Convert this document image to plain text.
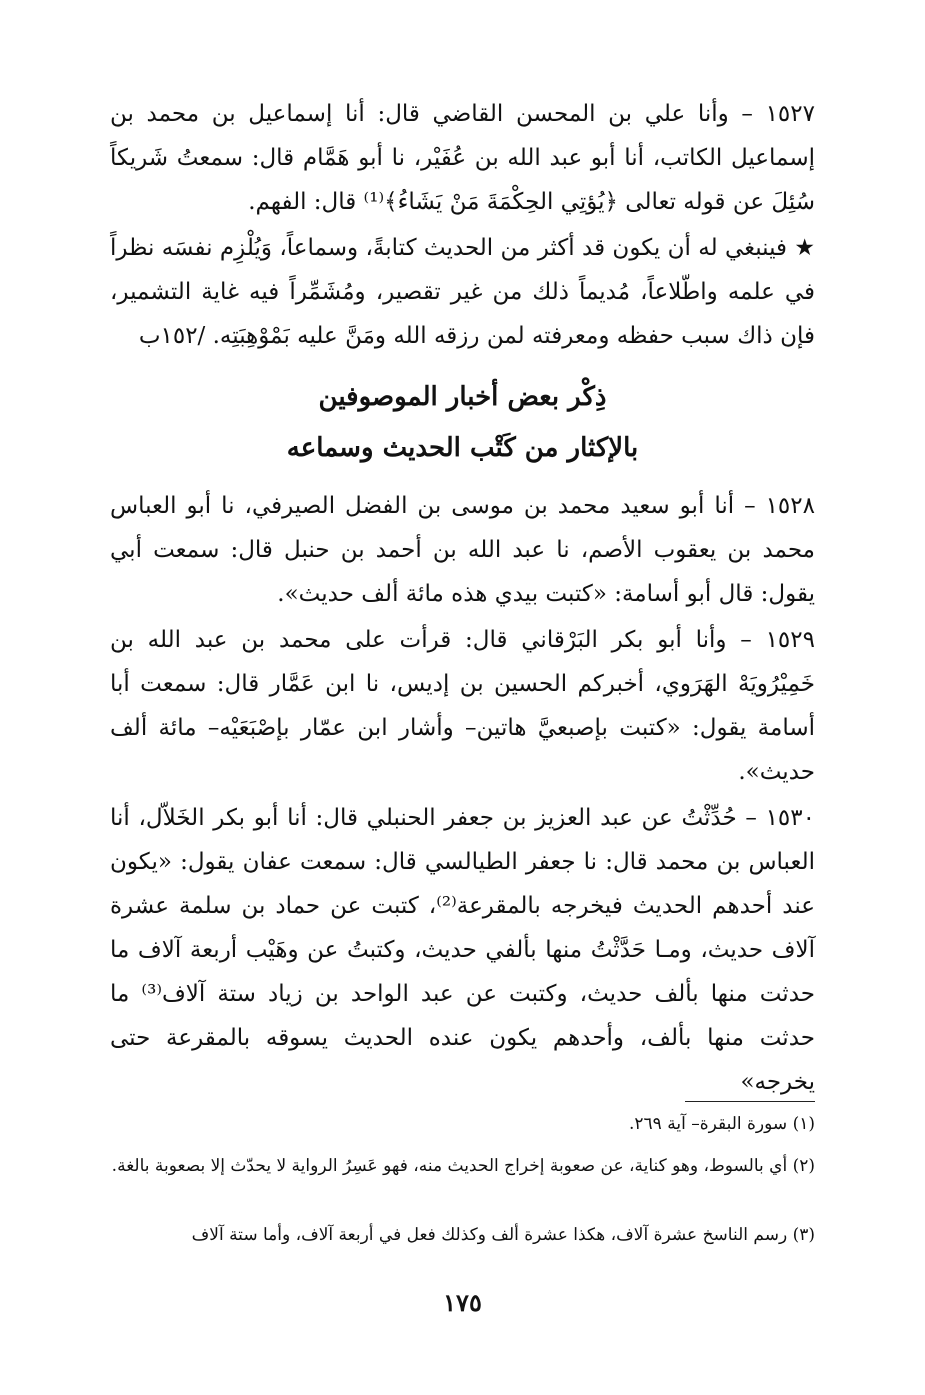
١٥٢٧ – وأنا علي بن المحسن القاضي قال: أنا إسماعيل بن محمد بن إسماعيل الكاتب، أنا أبو عبد الله بن عُفَيْر، نا أبو هَمَّام قال: سمعتُ شَريكاً سُئِلَ عن قوله تعالى ﴿يُؤتِي الحِكْمَةَ مَنْ يَشَاءُ﴾⁽¹⁾ قال: الفهم.

★ فينبغي له أن يكون قد أكثر من الحديث كتابةً، وسماعاً، وَيُلْزِم نفسَه نظراً في علمه واطّلاعاً، مُديماً ذلك من غير تقصير، ومُشَمِّراً فيه غاية التشمير، فإن ذاك سبب حفظه ومعرفته لمن رزقه الله ومَنَّ عليه بَمْوْهِبَتِه. /١٥٢ب

ذِكْر بعض أخبار الموصوفين
بالإكثار من كَتْب الحديث وسماعه

١٥٢٨ – أنا أبو سعيد محمد بن موسى بن الفضل الصيرفي، نا أبو العباس محمد بن يعقوب الأصم، نا عبد الله بن أحمد بن حنبل قال: سمعت أبي يقول: قال أبو أسامة: «كتبت بيدي هذه مائة ألف حديث».

١٥٢٩ – وأنا أبو بكر البَرْقاني قال: قرأت على محمد بن عبد الله بن خَمِيْرُويَهْ الهَرَوي، أخبركم الحسين بن إديس، نا ابن عَمَّار قال: سمعت أبا أسامة يقول: «كتبت بإصبعيَّ هاتين– وأشار ابن عمّار بإصْبَعَيْه– مائة ألف حديث».

١٥٣٠ – حُدِّثْتُ عن عبد العزيز بن جعفر الحنبلي قال: أنا أبو بكر الخَلاّل، أنا العباس بن محمد قال: نا جعفر الطيالسي قال: سمعت عفان يقول: «يكون عند أحدهم الحديث فيخرجه بالمقرعة⁽²⁾، كتبت عن حماد بن سلمة عشرة آلاف حديث، ومـا حَدَّثْتُ منها بألفي حديث، وكتبتُ عن وهَيْب أربعة آلاف ما حدثت منها بألف حديث، وكتبت عن عبد الواحد بن زياد ستة آلاف⁽³⁾ ما حدثت منها بألف، وأحدهم يكون عنده الحديث يسوقه بالمقرعة حتى يخرجه»

(١) سورة البقرة– آية ٢٦٩.

(٢) أي بالسوط، وهو كناية، عن صعوبة إخراج الحديث منه، فهو عَسِرُ الرواية لا يحدّث إلا بصعوبة بالغة.

(٣) رسم الناسخ عشرة آلاف، هكذا عشرة ألف وكذلك فعل في أربعة آلاف، وأما ستة آلاف

١٧٥
